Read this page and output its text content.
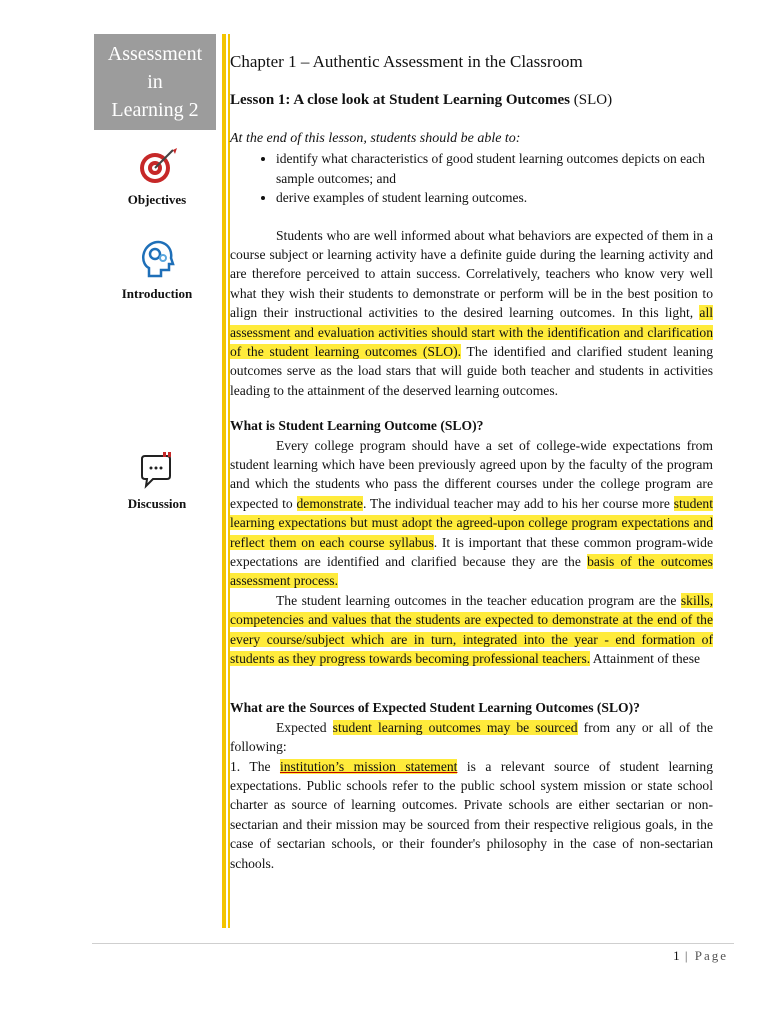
Assessment
in
Learning 2
Objectives
Introduction
Discussion
Chapter 1 – Authentic Assessment in the Classroom
Lesson 1: A close look at Student Learning Outcomes (SLO)
At the end of this lesson, students should be able to:
• identify what characteristics of good student learning outcomes depicts on each sample outcomes; and
• derive examples of student learning outcomes.

Students who are well informed about what behaviors are expected of them in a course subject or learning activity have a definite guide during the learning activity and are therefore perceived to attain success. Correlatively, teachers who know very well what they wish their students to demonstrate or perform will be in the best position to align their instructional activities to the desired learning outcomes. In this light, all assessment and evaluation activities should start with the identification and clarification of the student learning outcomes (SLO). The identified and clarified student leaning outcomes serve as the load stars that will guide both teacher and students in activities leading to the attainment of the deserved learning outcomes.

What is Student Learning Outcome (SLO)?

Every college program should have a set of college-wide expectations from student learning which have been previously agreed upon by the faculty of the program and which the students who pass the different courses under the college program are expected to demonstrate. The individual teacher may add to his her course more student learning expectations but must adopt the agreed-upon college program expectations and reflect them on each course syllabus. It is important that these common program-wide expectations are identified and clarified because they are the basis of the outcomes assessment process.

The student learning outcomes in the teacher education program are the skills, competencies and values that the students are expected to demonstrate at the end of the every course/subject which are in turn, integrated into the year - end formation of students as they progress towards becoming professional teachers. Attainment of these

What are the Sources of Expected Student Learning Outcomes (SLO)?

Expected student learning outcomes may be sourced from any or all of the following:

1. The institution’s mission statement is a relevant source of student learning expectations. Public schools refer to the public school system mission or state school charter as source of learning outcomes. Private schools are either sectarian or non-sectarian and their mission may be sourced from their respective religious goals, in the case of sectarian schools, or their founder's philosophy in the case of non-sectarian schools.

1 | Page
